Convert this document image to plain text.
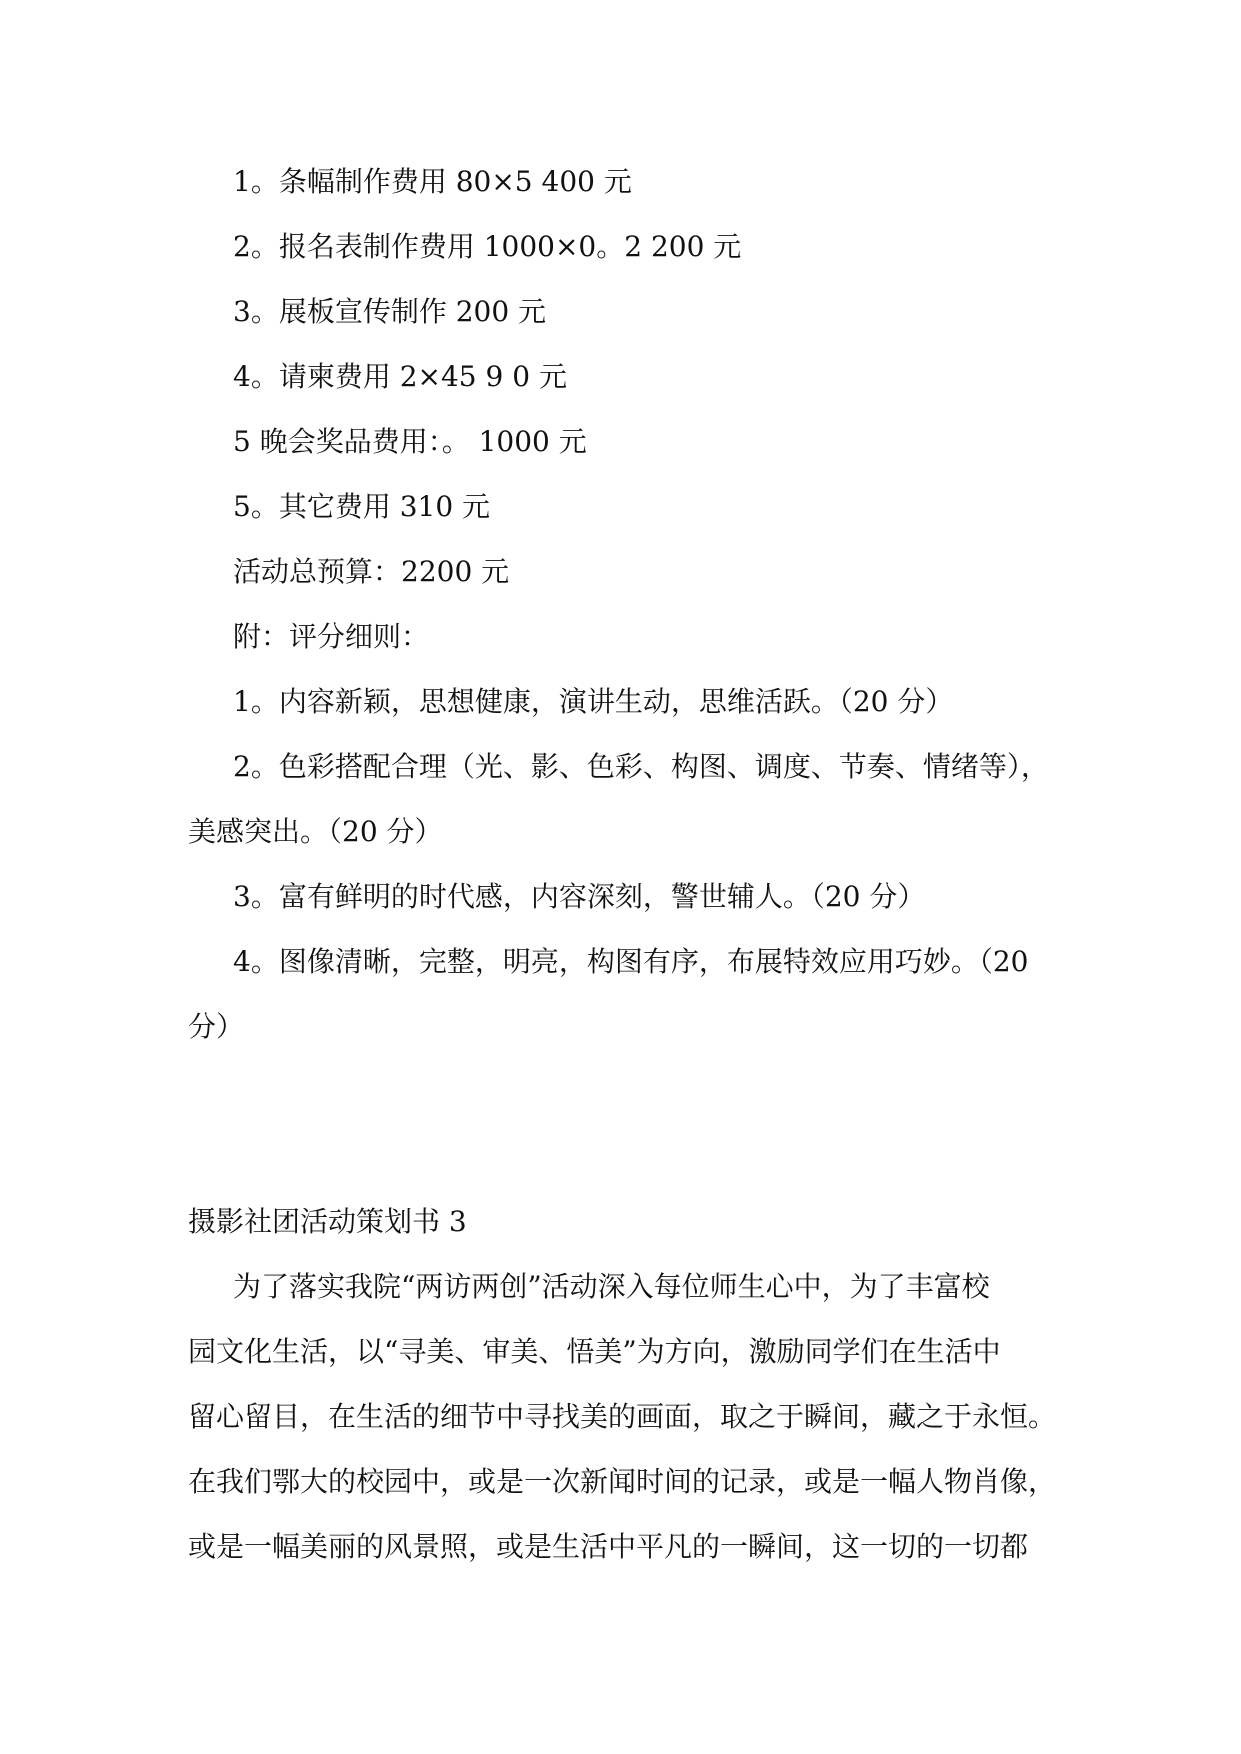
1。条幅制作费用 80×5 400 元
2。报名表制作费用 1000×0。2 200 元
3。展板宣传制作 200 元
4。请柬费用 2×45 9 0 元
5 晚会奖品费用：。 1000 元
5。其它费用 310 元
活动总预算：2200 元
附：评分细则：
1。内容新颖，思想健康，演讲生动，思维活跃。（20 分）
2。色彩搭配合理（光、影、色彩、构图、调度、节奏、情绪等），
美感突出。（20 分）
3。富有鲜明的时代感，内容深刻，警世辅人。（20 分）
4。图像清晰，完整，明亮，构图有序，布展特效应用巧妙。（20
分）
摄影社团活动策划书 3
为了落实我院“两访两创”活动深入每位师生心中，为了丰富校
园文化生活，以“寻美、审美、悟美”为方向，激励同学们在生活中
留心留目，在生活的细节中寻找美的画面，取之于瞬间，藏之于永恒。
在我们鄂大的校园中，或是一次新闻时间的记录，或是一幅人物肖像，
或是一幅美丽的风景照，或是生活中平凡的一瞬间，这一切的一切都
